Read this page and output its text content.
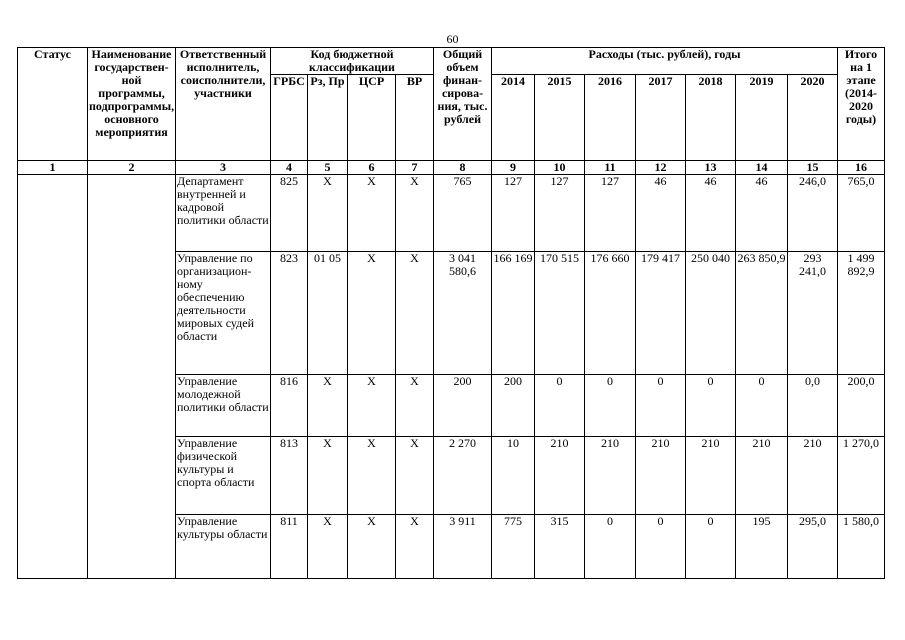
60
Статус	Наименование государствен-ной программы, подпрограммы, основного мероприятия	Ответственный исполнитель, соисполнители, участники	Код бюджетной классификации				Общий объем финан-сирова-ния, тыс. рублей	Расходы (тыс. рублей), годы							Итого на 1 этапе (2014-2020 годы)
			ГРБС	Рз, Пр	ЦСР	ВР		2014	2015	2016	2017	2018	2019	2020	
1	2	3	4	5	6	7	8	9	10	11	12	13	14	15	16
		Департамент внутренней и кадровой политики области	825	Х	Х	Х	765	127	127	127	46	46	46	246,0	765,0
		Управление по организацион-ному обеспечению деятельности мировых судей области	823	01 05	Х	Х	3 041 580,6	166 169	170 515	176 660	179 417	250 040	263 850,9	293 241,0	1 499 892,9
		Управление молодежной политики области	816	Х	Х	Х	200	200	0	0	0	0	0	0,0	200,0
		Управление физической культуры и спорта области	813	Х	Х	Х	2 270	10	210	210	210	210	210	210	1 270,0
		Управление культуры области	811	Х	Х	Х	3 911	775	315	0	0	0	195	295,0	1 580,0
